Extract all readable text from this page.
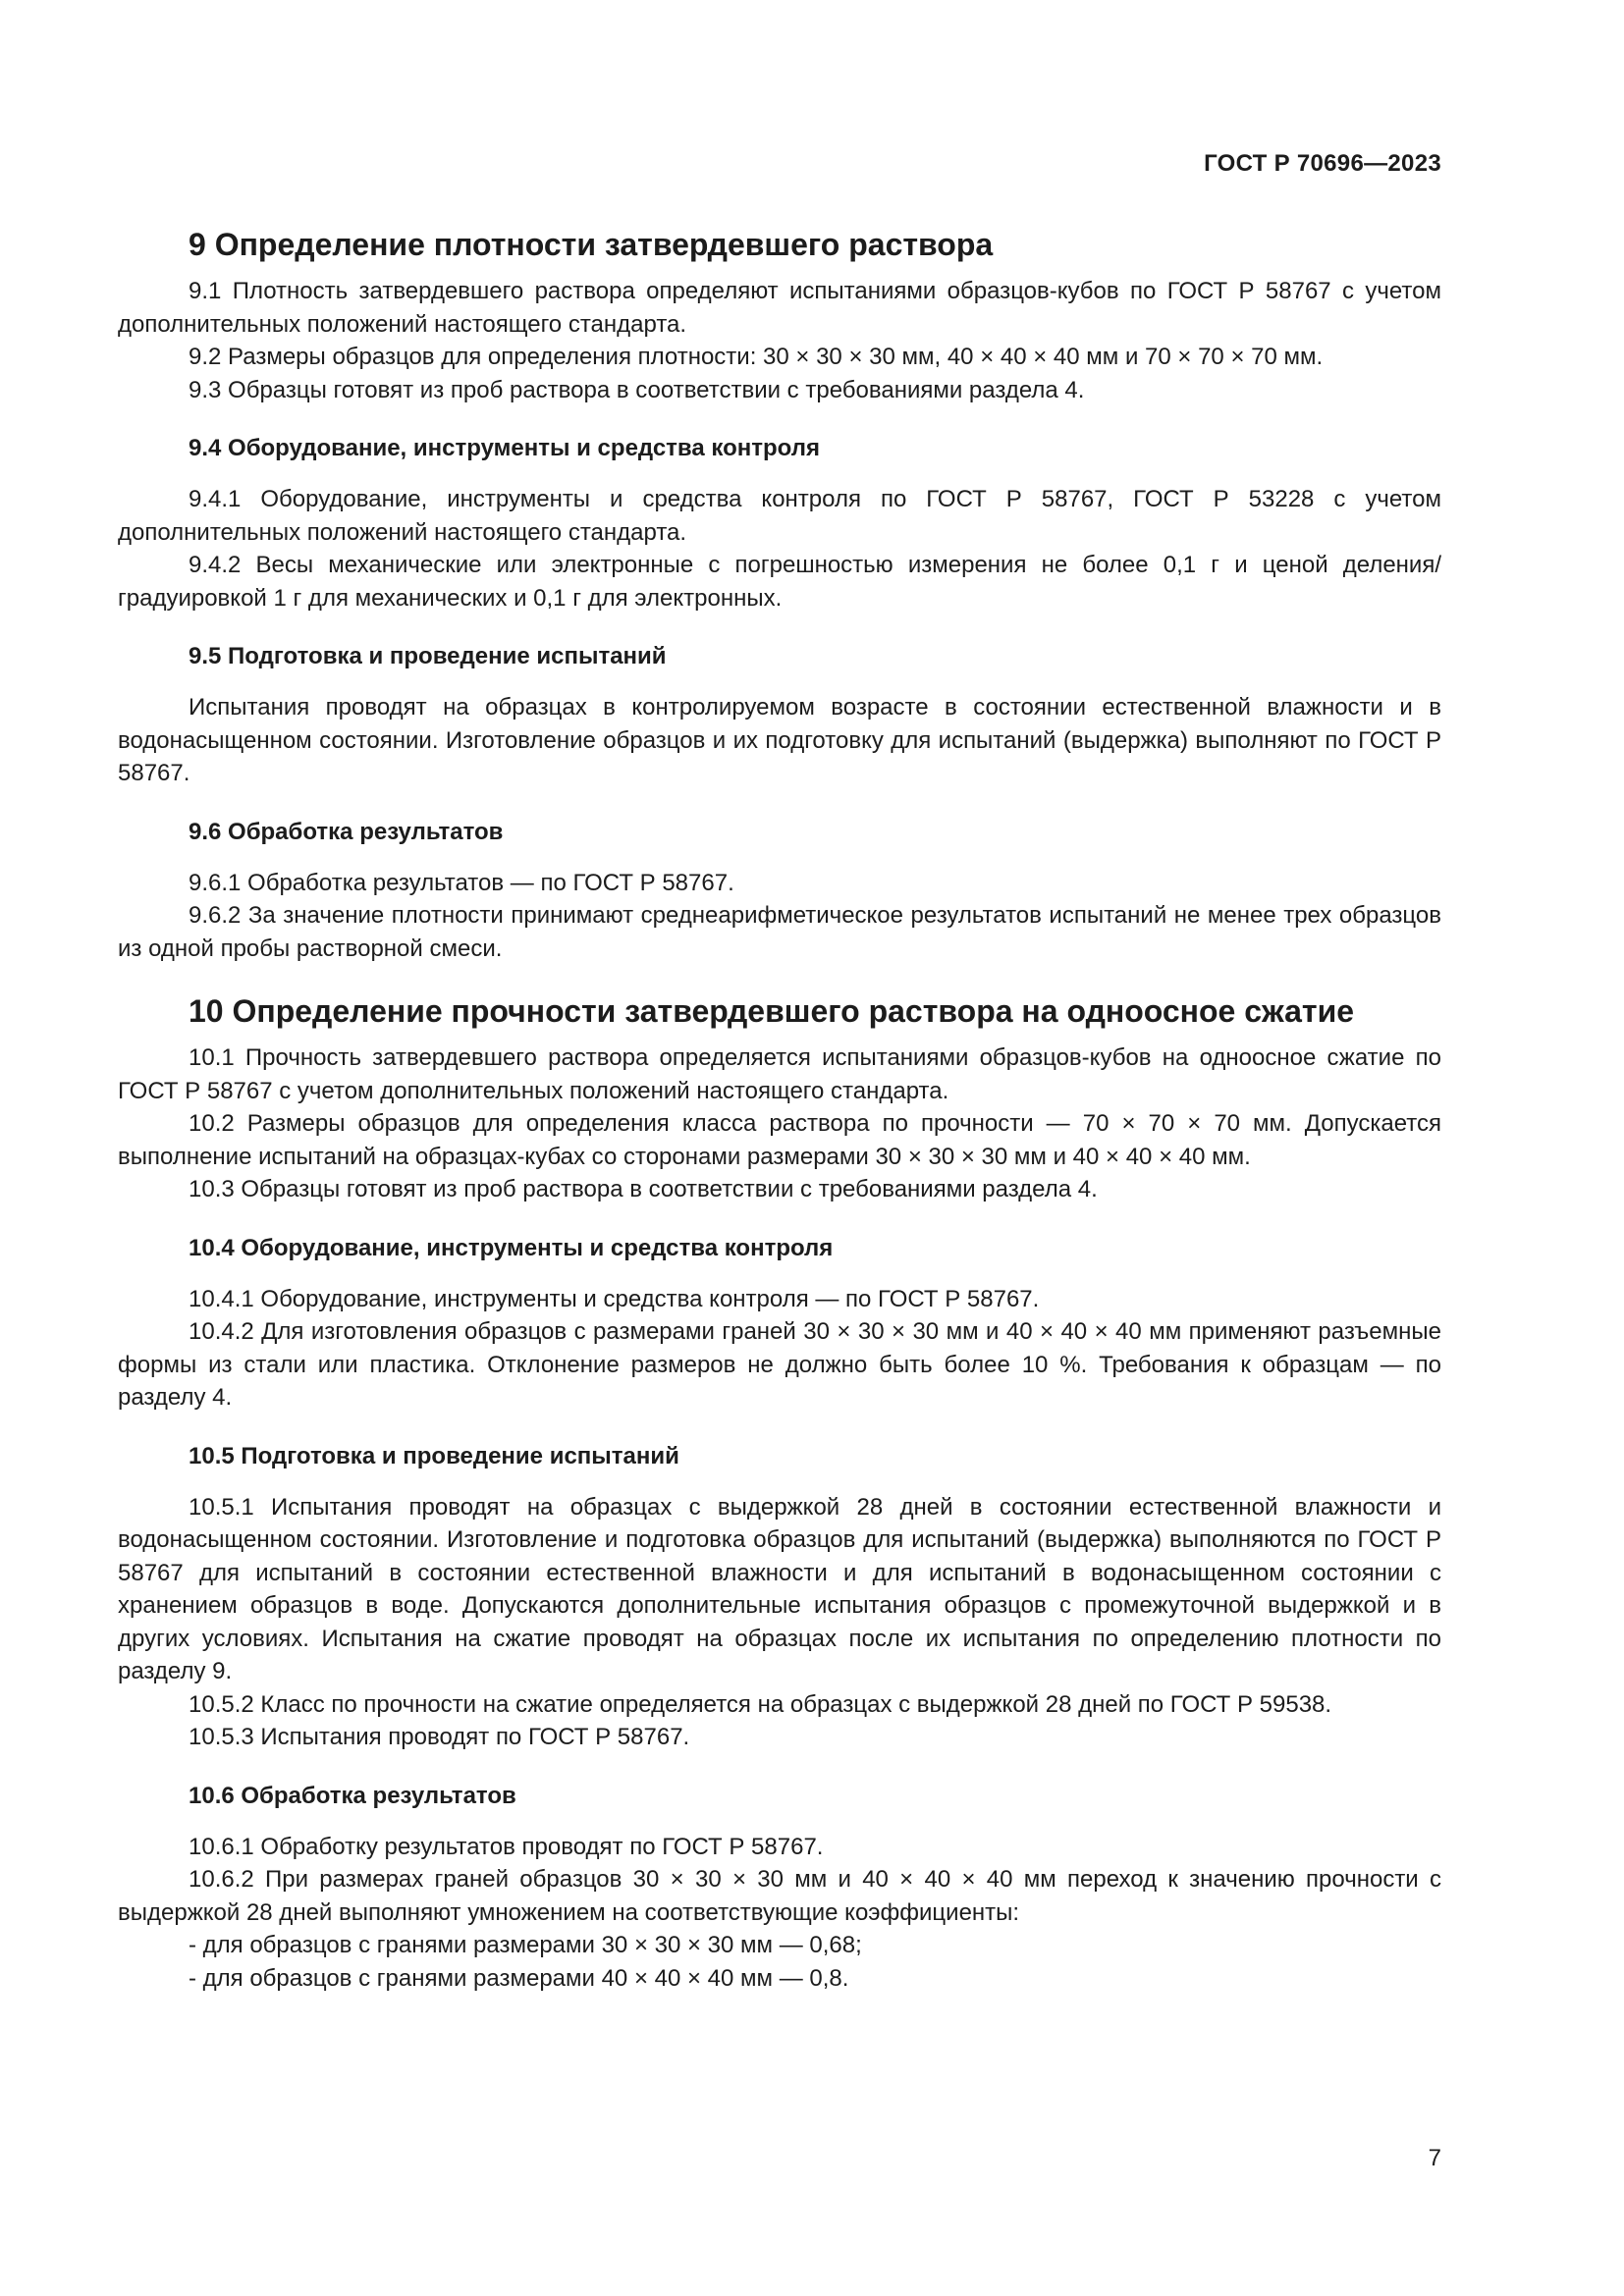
ГОСТ Р 70696—2023
9 Определение плотности затвердевшего раствора

9.1 Плотность затвердевшего раствора определяют испытаниями образцов-кубов по ГОСТ Р 58767 с учетом дополнительных положений настоящего стандарта.

9.2 Размеры образцов для определения плотности: 30 × 30 × 30 мм, 40 × 40 × 40 мм и 70 × 70 × 70 мм.

9.3 Образцы готовят из проб раствора в соответствии с требованиями раздела 4.

9.4 Оборудование, инструменты и средства контроля

9.4.1 Оборудование, инструменты и средства контроля по ГОСТ Р 58767, ГОСТ Р 53228 с учетом дополнительных положений настоящего стандарта.

9.4.2 Весы механические или электронные с погрешностью измерения не более 0,1 г и ценой деления/градуировкой 1 г для механических и 0,1 г для электронных.

9.5 Подготовка и проведение испытаний

Испытания проводят на образцах в контролируемом возрасте в состоянии естественной влажности и в водонасыщенном состоянии. Изготовление образцов и их подготовку для испытаний (выдержка) выполняют по ГОСТ Р 58767.

9.6 Обработка результатов

9.6.1 Обработка результатов — по ГОСТ Р 58767.

9.6.2 За значение плотности принимают среднеарифметическое результатов испытаний не менее трех образцов из одной пробы растворной смеси.

10 Определение прочности затвердевшего раствора на одноосное сжатие

10.1 Прочность затвердевшего раствора определяется испытаниями образцов-кубов на одноосное сжатие по ГОСТ Р 58767 с учетом дополнительных положений настоящего стандарта.

10.2 Размеры образцов для определения класса раствора по прочности — 70 × 70 × 70 мм. Допускается выполнение испытаний на образцах-кубах со сторонами размерами 30 × 30 × 30 мм и 40 × 40 × 40 мм.

10.3 Образцы готовят из проб раствора в соответствии с требованиями раздела 4.

10.4 Оборудование, инструменты и средства контроля

10.4.1 Оборудование, инструменты и средства контроля — по ГОСТ Р 58767.

10.4.2 Для изготовления образцов с размерами граней 30 × 30 × 30 мм и 40 × 40 × 40 мм применяют разъемные формы из стали или пластика. Отклонение размеров не должно быть более 10 %. Требования к образцам — по разделу 4.

10.5 Подготовка и проведение испытаний

10.5.1 Испытания проводят на образцах с выдержкой 28 дней в состоянии естественной влажности и водонасыщенном состоянии. Изготовление и подготовка образцов для испытаний (выдержка) выполняются по ГОСТ Р 58767 для испытаний в состоянии естественной влажности и для испытаний в водонасыщенном состоянии с хранением образцов в воде. Допускаются дополнительные испытания образцов с промежуточной выдержкой и в других условиях. Испытания на сжатие проводят на образцах после их испытания по определению плотности по разделу 9.

10.5.2 Класс по прочности на сжатие определяется на образцах с выдержкой 28 дней по ГОСТ Р 59538.

10.5.3 Испытания проводят по ГОСТ Р 58767.

10.6 Обработка результатов

10.6.1 Обработку результатов проводят по ГОСТ Р 58767.

10.6.2 При размерах граней образцов 30 × 30 × 30 мм и 40 × 40 × 40 мм переход к значению прочности с выдержкой 28 дней выполняют умножением на соответствующие коэффициенты:

- для образцов с гранями размерами 30 × 30 × 30 мм — 0,68;

- для образцов с гранями размерами 40 × 40 × 40 мм — 0,8.

7
